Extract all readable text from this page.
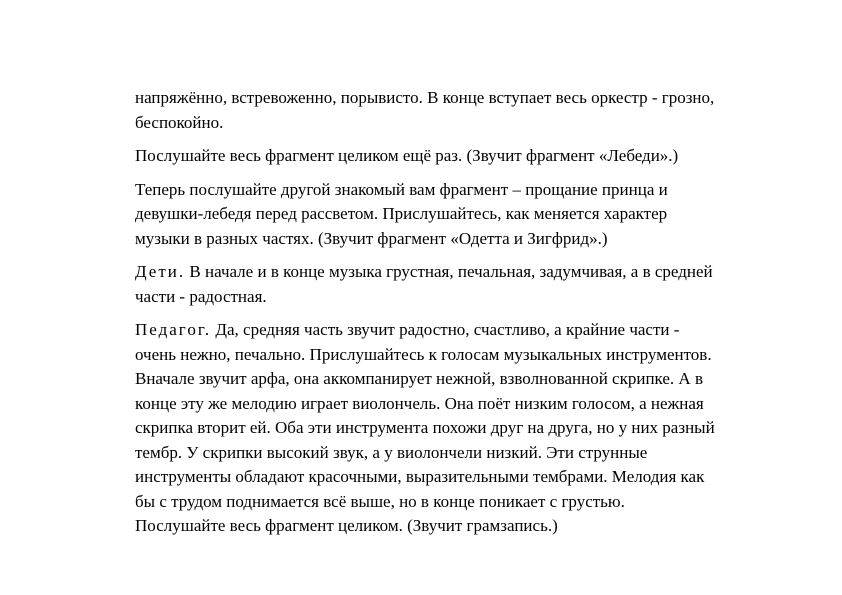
напряжённо, встревоженно, порывисто. В конце вступает весь оркестр - грозно,
беспокойно.

Послушайте весь фрагмент целиком ещё раз. (Звучит фрагмент «Лебеди».)

Теперь послушайте другой знакомый вам фрагмент – прощание принца и
девушки-лебедя перед рассветом. Прислушайтесь, как меняется характер
музыки в разных частях. (Звучит фрагмент «Одетта и Зигфрид».)

Дети. В начале и в конце музыка грустная, печальная, задумчивая, а в средней
части - радостная.

Педагог. Да, средняя часть звучит радостно, счастливо, а крайние части -
очень нежно, печально. Прислушайтесь к голосам музыкальных инструментов.
Вначале звучит арфа, она аккомпанирует нежной, взволнованной скрипке. А в
конце эту же мелодию играет виолончель. Она поёт низким голосом, а нежная
скрипка вторит ей. Оба эти инструмента похожи друг на друга, но у них разный
тембр. У скрипки высокий звук, а у виолончели низкий. Эти струнные
инструменты обладают красочными, выразительными тембрами. Мелодия как
бы с трудом поднимается всё выше, но в конце поникает с грустью.
Послушайте весь фрагмент целиком. (Звучит грамзапись.)
